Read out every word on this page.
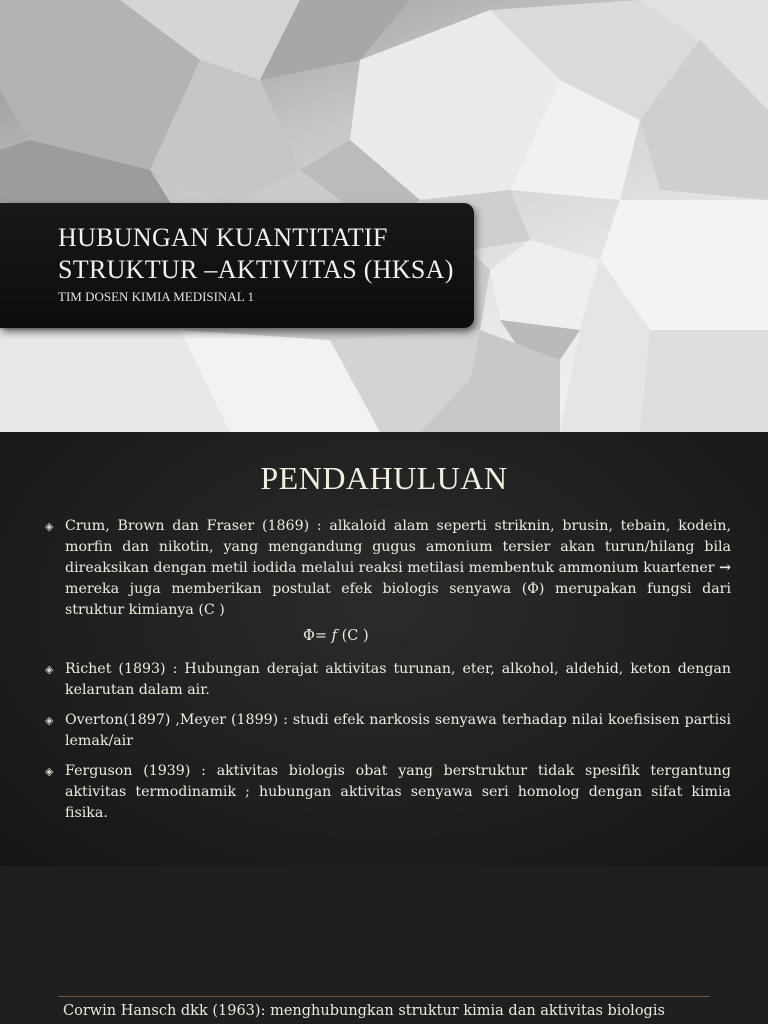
HUBUNGAN KUANTITATIF
STRUKTUR –AKTIVITAS (HKSA)
TIM DOSEN KIMIA MEDISINAL 1
PENDAHULUAN
◈ Crum, Brown dan Fraser (1869) : alkaloid alam seperti striknin, brusin, tebain, kodein, morfin dan nikotin, yang mengandung gugus amonium tersier akan turun/hilang bila direaksikan dengan metil iodida melalui reaksi metilasi membentuk ammonium kuartener → mereka juga memberikan postulat efek biologis senyawa (Φ) merupakan fungsi dari struktur kimianya (C )
Φ= f (C )
◈ Richet (1893) : Hubungan derajat aktivitas turunan, eter, alkohol, aldehid, keton dengan kelarutan dalam air.
◈ Overton(1897) ,Meyer (1899) : studi efek narkosis senyawa terhadap nilai koefisisen partisi lemak/air
◈ Ferguson (1939) : aktivitas biologis obat yang berstruktur tidak spesifik tergantung aktivitas termodinamik ; hubungan aktivitas senyawa seri homolog dengan sifat kimia fisika.
Corwin Hansch dkk (1963): menghubungkan struktur kimia dan aktivitas biologis
